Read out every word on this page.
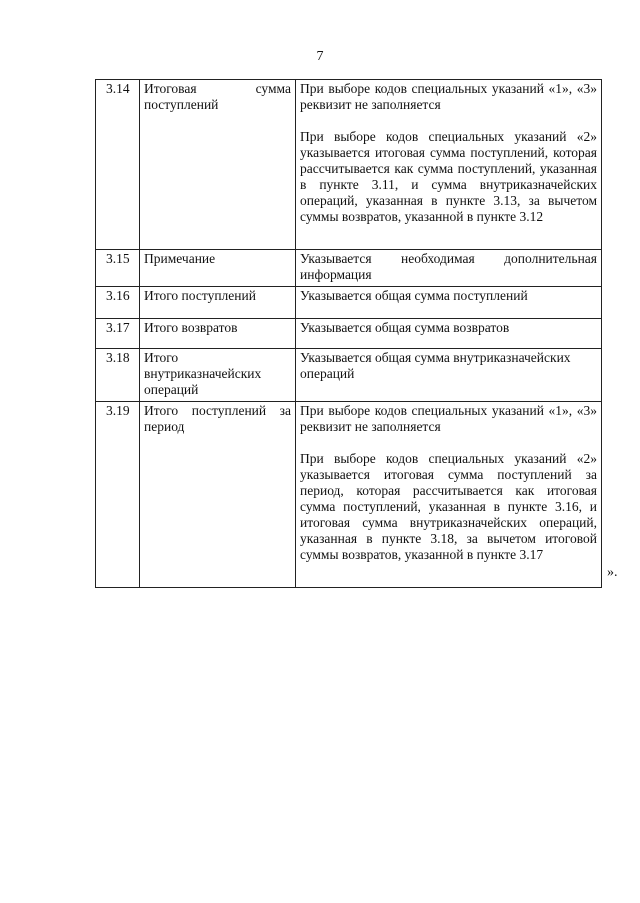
7
3.14	Итоговая сумма поступлений	При выборе кодов специальных указаний «1», «3» реквизит не заполняется
При выборе кодов специальных указаний «2» указывается итоговая сумма поступлений, которая рассчитывается как сумма поступлений, указанная в пункте 3.11, и сумма внутриказначейских операций, указанная в пункте 3.13, за вычетом суммы возвратов, указанной в пункте 3.12

3.15	Примечание	Указывается необходимая дополнительная информация
3.16	Итого поступлений	Указывается общая сумма поступлений
3.17	Итого возвратов	Указывается общая сумма возвратов
3.18	Итого внутриказначейских операций	Указывается общая сумма внутриказначейских операций
3.19	Итого поступлений за период	При выборе кодов специальных указаний «1», «3» реквизит не заполняется
При выборе кодов специальных указаний «2» указывается итоговая сумма поступлений за период, которая рассчитывается как итоговая сумма поступлений, указанная в пункте 3.16, и итоговая сумма внутриказначейских операций, указанная в пункте 3.18, за вычетом итоговой суммы возвратов, указанной в пункте 3.17
».
